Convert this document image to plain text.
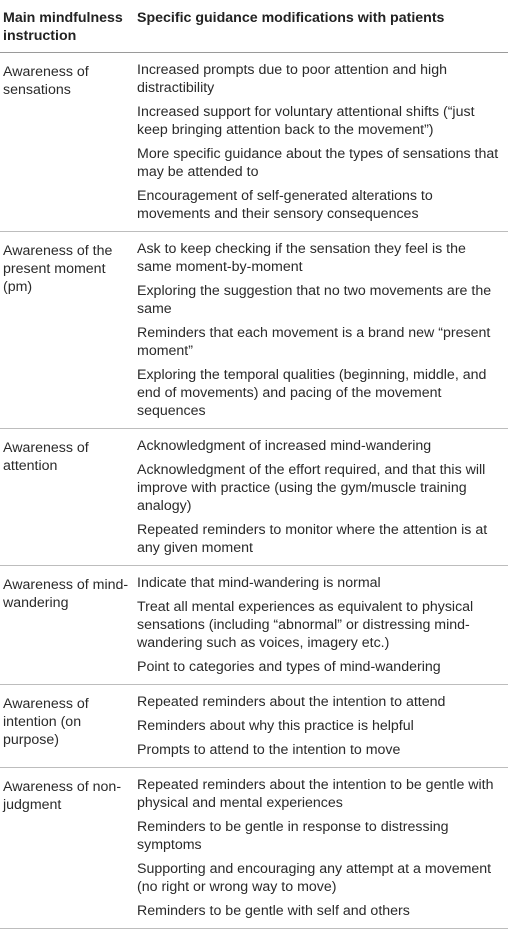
Main mindfulness instruction	Specific guidance modifications with patients
Awareness of sensations	Increased prompts due to poor attention and high distractibility
Increased support for voluntary attentional shifts (“just keep bringing attention back to the movement”)
More specific guidance about the types of sensations that may be attended to
Encouragement of self-generated alterations to movements and their sensory consequences

Awareness of the present moment (pm)	Ask to keep checking if the sensation they feel is the same moment-by-moment
Exploring the suggestion that no two movements are the same
Reminders that each movement is a brand new “present moment”
Exploring the temporal qualities (beginning, middle, and end of movements) and pacing of the movement sequences

Awareness of attention	Acknowledgment of increased mind-wandering
Acknowledgment of the effort required, and that this will improve with practice (using the gym/muscle training analogy)
Repeated reminders to monitor where the attention is at any given moment

Awareness of mind-wandering	Indicate that mind-wandering is normal
Treat all mental experiences as equivalent to physical sensations (including “abnormal” or distressing mind-wandering such as voices, imagery etc.)
Point to categories and types of mind-wandering

Awareness of intention (on purpose)	Repeated reminders about the intention to attend
Reminders about why this practice is helpful
Prompts to attend to the intention to move

Awareness of non-judgment	Repeated reminders about the intention to be gentle with physical and mental experiences
Reminders to be gentle in response to distressing symptoms
Supporting and encouraging any attempt at a movement (no right or wrong way to move)
Reminders to be gentle with self and others
